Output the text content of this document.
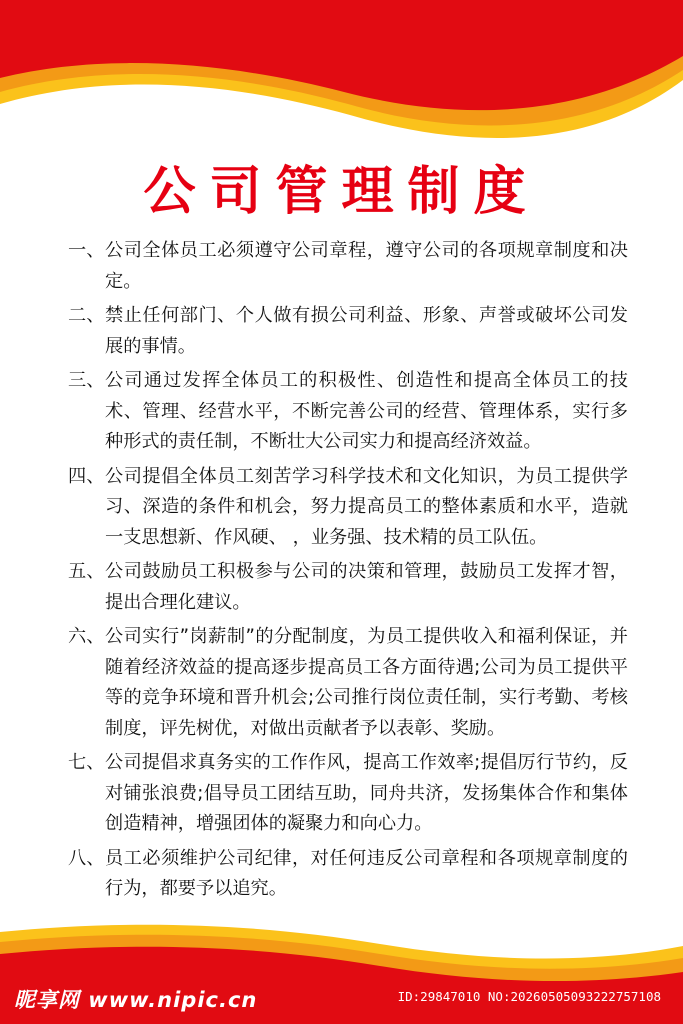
公司管理制度
一、 公司全体员工必须遵守公司章程，遵守公司的各项规章制度和决定。
二、 禁止任何部门、个人做有损公司利益、形象、声誉或破坏公司发展的事情。
三、 公司通过发挥全体员工的积极性、创造性和提高全体员工的技术、管理、经营水平，不断完善公司的经营、管理体系，实行多种形式的责任制，不断壮大公司实力和提高经济效益。
四、 公司提倡全体员工刻苦学习科学技术和文化知识，为员工提供学习、深造的条件和机会，努力提高员工的整体素质和水平，造就一支思想新、作风硬、 ，业务强、技术精的员工队伍。
五、 公司鼓励员工积极参与公司的决策和管理，鼓励员工发挥才智，提出合理化建议。
六、 公司实行”岗薪制”的分配制度，为员工提供收入和福利保证，并随着经济效益的提高逐步提高员工各方面待遇;公司为员工提供平等的竞争环境和晋升机会;公司推行岗位责任制，实行考勤、考核制度，评先树优，对做出贡献者予以表彰、奖励。
七、 公司提倡求真务实的工作作风，提高工作效率;提倡厉行节约，反对铺张浪费;倡导员工团结互助，同舟共济，发扬集体合作和集体创造精神，增强团体的凝聚力和向心力。
八、 员工必须维护公司纪律，对任何违反公司章程和各项规章制度的行为，都要予以追究。
昵享网 www.nipic.cn	ID:29847010 NO:20260505093222757108
